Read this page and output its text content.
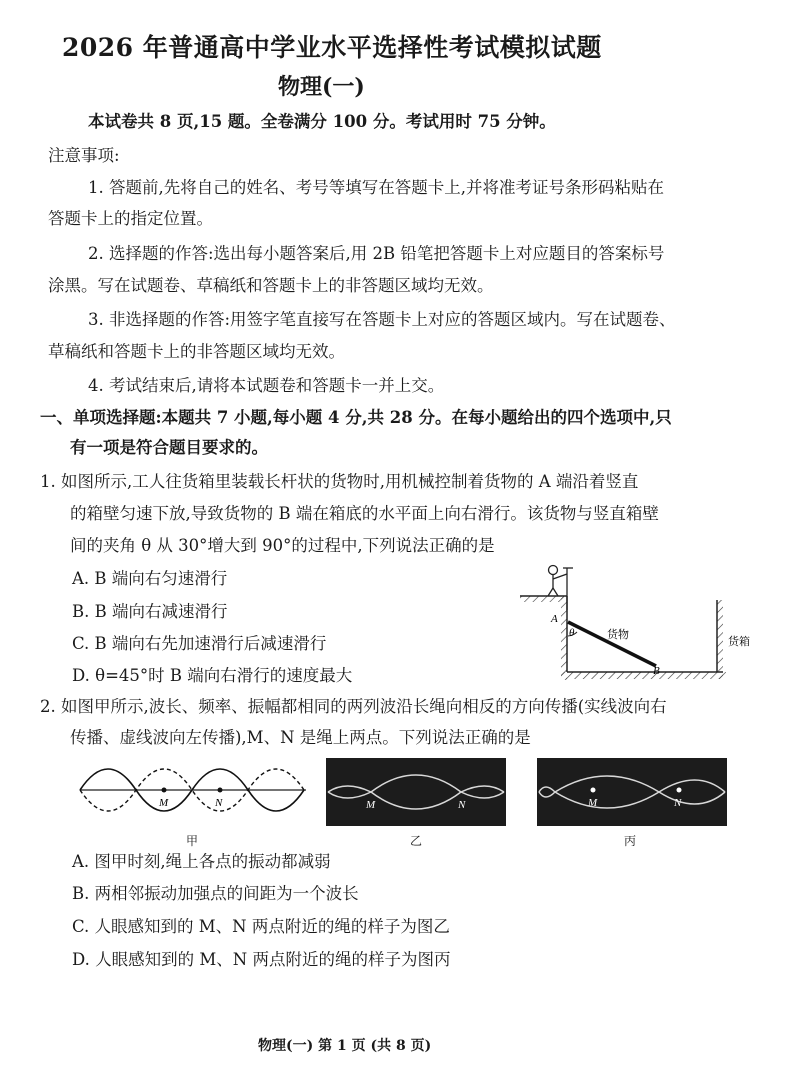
2026 年普通高中学业水平选择性考试模拟试题
物理(一)
本试卷共 8 页,15 题。全卷满分 100 分。考试用时 75 分钟。
注意事项:
1. 答题前,先将自己的姓名、考号等填写在答题卡上,并将准考证号条形码粘贴在
答题卡上的指定位置。
2. 选择题的作答:选出每小题答案后,用 2B 铅笔把答题卡上对应题目的答案标号
涂黑。写在试题卷、草稿纸和答题卡上的非答题区域均无效。
3. 非选择题的作答:用签字笔直接写在答题卡上对应的答题区域内。写在试题卷、
草稿纸和答题卡上的非答题区域均无效。
4. 考试结束后,请将本试题卷和答题卡一并上交。
一、单项选择题:本题共 7 小题,每小题 4 分,共 28 分。在每小题给出的四个选项中,只
有一项是符合题目要求的。
1. 如图所示,工人往货箱里装载长杆状的货物时,用机械控制着货物的 A 端沿着竖直
的箱壁匀速下放,导致货物的 B 端在箱底的水平面上向右滑行。该货物与竖直箱壁
间的夹角 θ 从 30°增大到 90°的过程中,下列说法正确的是
A. B 端向右匀速滑行
B. B 端向右减速滑行
C. B 端向右先加速滑行后减速滑行
D. θ=45°时 B 端向右滑行的速度最大
A
θ	货物
B
货箱
2. 如图甲所示,波长、频率、振幅都相同的两列波沿长绳向相反的方向传播(实线波向右
传播、虚线波向左传播),M、N 是绳上两点。下列说法正确的是
M	N
甲
M	N
乙
M	N
丙
A. 图甲时刻,绳上各点的振动都减弱
B. 两相邻振动加强点的间距为一个波长
C. 人眼感知到的 M、N 两点附近的绳的样子为图乙
D. 人眼感知到的 M、N 两点附近的绳的样子为图丙
物理(一) 第 1 页 (共 8 页)
